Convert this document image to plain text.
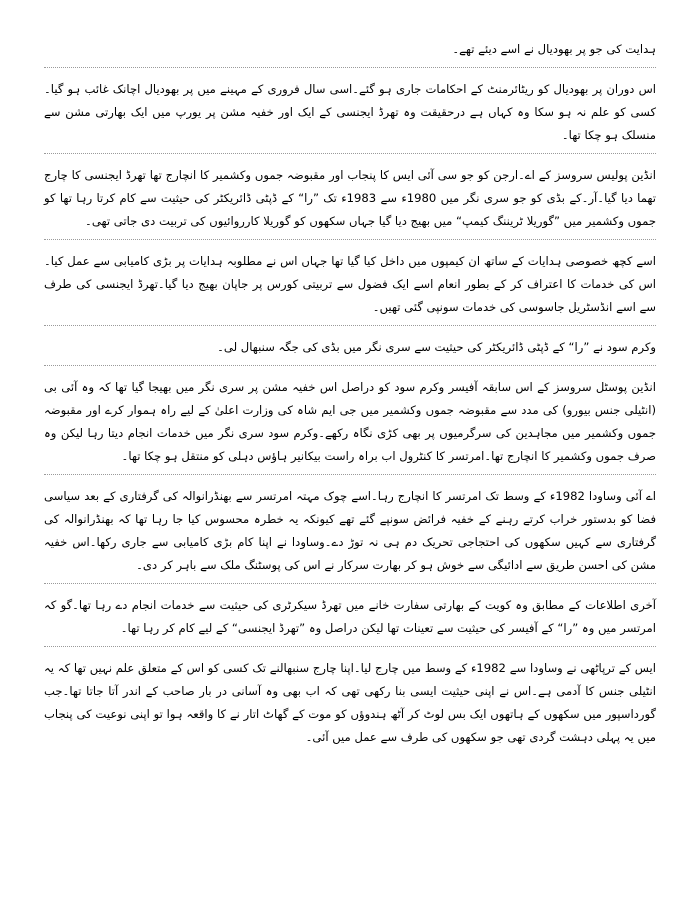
ہدایت کی جو پر بھودیال نے اسے دیئے تھے۔

اس دوران پر بھودیال کو ریٹائرمنٹ کے احکامات جاری ہو گئے۔اسی سال فروری کے مہینے میں پر بھودیال اچانک غائب ہو گیا۔کسی کو علم نہ ہو سکا وہ کہاں ہے درحقیقت وہ تھرڈ ایجنسی کے ایک اور خفیہ مشن پر یورپ میں ایک بھارتی مشن سے منسلک ہو چکا تھا۔

انڈین پولیس سروسز کے اے۔ارجن کو جو سی آئی ایس کا پنجاب اور مقبوضہ جموں وکشمیر کا انچارج تھا تھرڈ ایجنسی کا چارج تھما دیا گیا۔آر۔کے بڈی کو جو سری نگر میں 1980ء سے 1983ء تک ”را“ کے ڈپٹی ڈائریکٹر کی حیثیت سے کام کرتا رہا تھا کو جموں وکشمیر میں ”گوریلا ٹریننگ کیمپ“ میں بھیج دیا گیا جہاں سکھوں کو گوریلا کارروائیوں کی تربیت دی جاتی تھی۔

اسے کچھ خصوصی ہدایات کے ساتھ ان کیمپوں میں داخل کیا گیا تھا جہاں اس نے مطلوبہ ہدایات پر بڑی کامیابی سے عمل کیا۔اس کی خدمات کا اعتراف کر کے بطور انعام اسے ایک فضول سے تربیتی کورس پر جاپان بھیج دیا گیا۔تھرڈ ایجنسی کی طرف سے اسے انڈسٹریل جاسوسی کی خدمات سونپی گئی تھیں۔

وکرم سود نے ”را“ کے ڈپٹی ڈائریکٹر کی حیثیت سے سری نگر میں بڈی کی جگہ سنبھال لی۔

انڈین پوسٹل سروسز کے اس سابقہ آفیسر وکرم سود کو دراصل اس خفیہ مشن پر سری نگر میں بھیجا گیا تھا کہ وہ آئی بی (انٹیلی جنس بیورو) کی مدد سے مقبوضہ جموں وکشمیر میں جی ایم شاہ کی وزارت اعلیٰ کے لیے راہ ہموار کرے اور مقبوضہ جموں وکشمیر میں مجاہدین کی سرگرمیوں پر بھی کڑی نگاہ رکھے۔وکرم سود سری نگر میں خدمات انجام دیتا رہا لیکن وہ صرف جموں وکشمیر کا انچارج تھا۔امرتسر کا کنٹرول اب براہ راست بیکانیر ہاؤس دہلی کو منتقل ہو چکا تھا۔

اے آئی وساودا 1982ء کے وسط تک امرتسر کا انچارج رہا۔اسے چوک مہتہ امرتسر سے بھنڈرانوالہ کی گرفتاری کے بعد سیاسی فضا کو بدستور خراب کرتے رہنے کے خفیہ فرائض سونپے گئے تھے کیونکہ یہ خطرہ محسوس کیا جا رہا تھا کہ بھنڈرانوالہ کی گرفتاری سے کہیں سکھوں کی احتجاجی تحریک دم ہی نہ توڑ دے۔وساودا نے اپنا کام بڑی کامیابی سے جاری رکھا۔اس خفیہ مشن کی احسن طریق سے ادائیگی سے خوش ہو کر بھارت سرکار نے اس کی پوسٹنگ ملک سے باہر کر دی۔

آخری اطلاعات کے مطابق وہ کویت کے بھارتی سفارت خانے میں تھرڈ سیکرٹری کی حیثیت سے خدمات انجام دے رہا تھا۔گو کہ امرتسر میں وہ ”را“ کے آفیسر کی حیثیت سے تعینات تھا لیکن دراصل وہ ”تھرڈ ایجنسی“ کے لیے کام کر رہا تھا۔

ایس کے ترپاٹھی نے وساودا سے 1982ء کے وسط میں چارج لیا۔اپنا چارج سنبھالنے تک کسی کو اس کے متعلق علم نہیں تھا کہ یہ انٹیلی جنس کا آدمی ہے۔اس نے اپنی حیثیت ایسی بنا رکھی تھی کہ اب بھی وہ آسانی در بار صاحب کے اندر آتا جاتا تھا۔جب گورداسپور میں سکھوں کے ہاتھوں ایک بس لوٹ کر آٹھ ہندوؤں کو موت کے گھاٹ اتار نے کا واقعہ ہوا تو اپنی نوعیت کی پنجاب میں یہ پہلی دہشت گردی تھی جو سکھوں کی طرف سے عمل میں آئی۔
